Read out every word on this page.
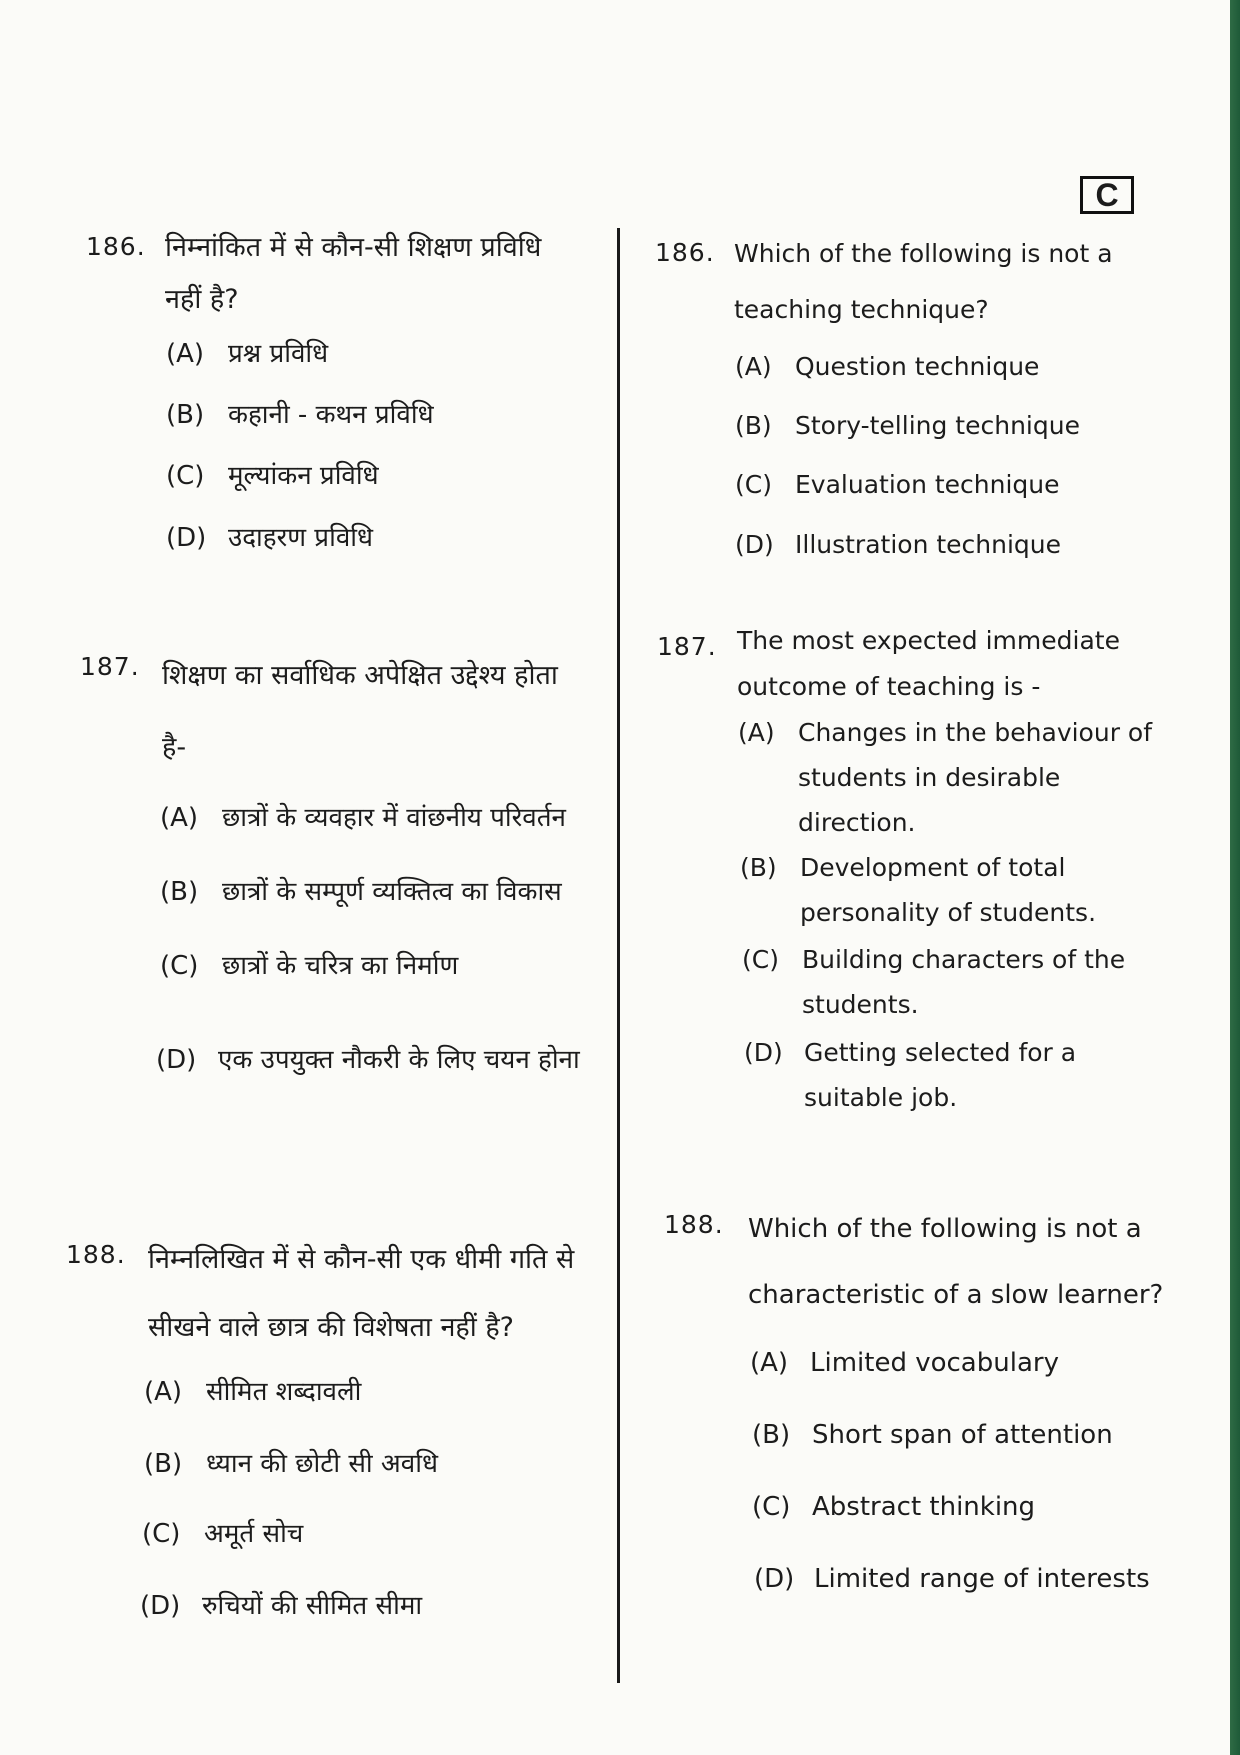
C
186. निम्नांकित में से कौन-सी शिक्षण प्रविधि नहीं है?
(A) प्रश्न प्रविधि
(B) कहानी - कथन प्रविधि
(C) मूल्यांकन प्रविधि
(D) उदाहरण प्रविधि
187. शिक्षण का सर्वाधिक अपेक्षित उद्देश्य होता है-
(A) छात्रों के व्यवहार में वांछनीय परिवर्तन
(B) छात्रों के सम्पूर्ण व्यक्तित्व का विकास
(C) छात्रों के चरित्र का निर्माण
(D) एक उपयुक्त नौकरी के लिए चयन होना
188. निम्नलिखित में से कौन-सी एक धीमी गति से सीखने वाले छात्र की विशेषता नहीं है?
(A) सीमित शब्दावली
(B) ध्यान की छोटी सी अवधि
(C) अमूर्त सोच
(D) रुचियों की सीमित सीमा
186. Which of the following is not a teaching technique?
(A) Question technique
(B) Story-telling technique
(C) Evaluation technique
(D) Illustration technique
187. The most expected immediate outcome of teaching is -
(A) Changes in the behaviour of students in desirable direction.
(B) Development of total personality of students.
(C) Building characters of the students.
(D) Getting selected for a suitable job.
188. Which of the following is not a characteristic of a slow learner?
(A) Limited vocabulary
(B) Short span of attention
(C) Abstract thinking
(D) Limited range of interests
